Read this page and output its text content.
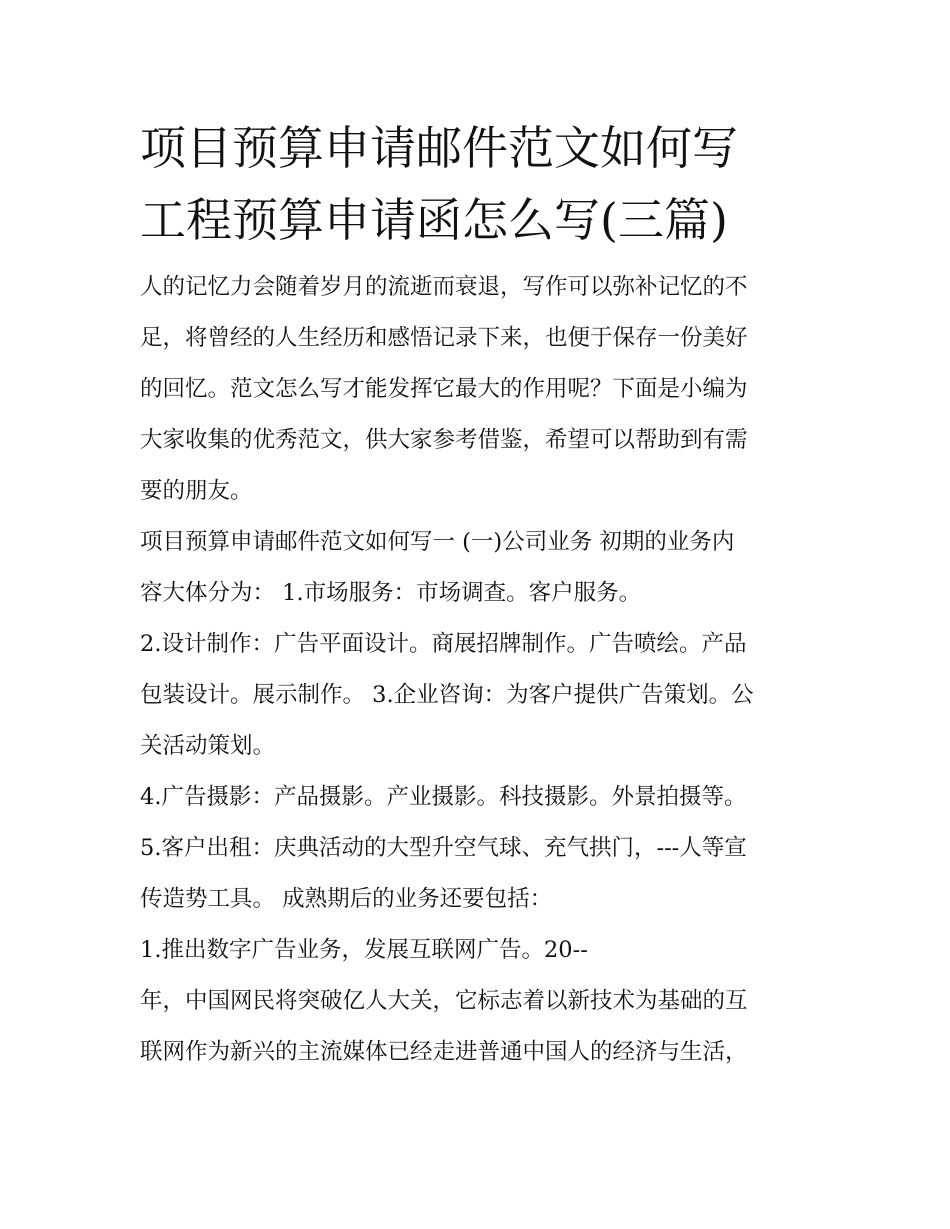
项目预算申请邮件范文如何写
工程预算申请函怎么写(三篇)
人的记忆力会随着岁月的流逝而衰退，写作可以弥补记忆的不
足，将曾经的人生经历和感悟记录下来，也便于保存一份美好
的回忆。范文怎么写才能发挥它最大的作用呢？下面是小编为
大家收集的优秀范文，供大家参考借鉴，希望可以帮助到有需
要的朋友。
项目预算申请邮件范文如何写一 (一)公司业务 初期的业务内
容大体分为： 1.市场服务：市场调查。客户服务。
2.设计制作：广告平面设计。商展招牌制作。广告喷绘。产品
包装设计。展示制作。 3.企业咨询：为客户提供广告策划。公
关活动策划。
4.广告摄影：产品摄影。产业摄影。科技摄影。外景拍摄等。
5.客户出租：庆典活动的大型升空气球、充气拱门，---人等宣
传造势工具。 成熟期后的业务还要包括：
1.推出数字广告业务，发展互联网广告。20--
年，中国网民将突破亿人大关，它标志着以新技术为基础的互
联网作为新兴的主流媒体已经走进普通中国人的经济与生活，
